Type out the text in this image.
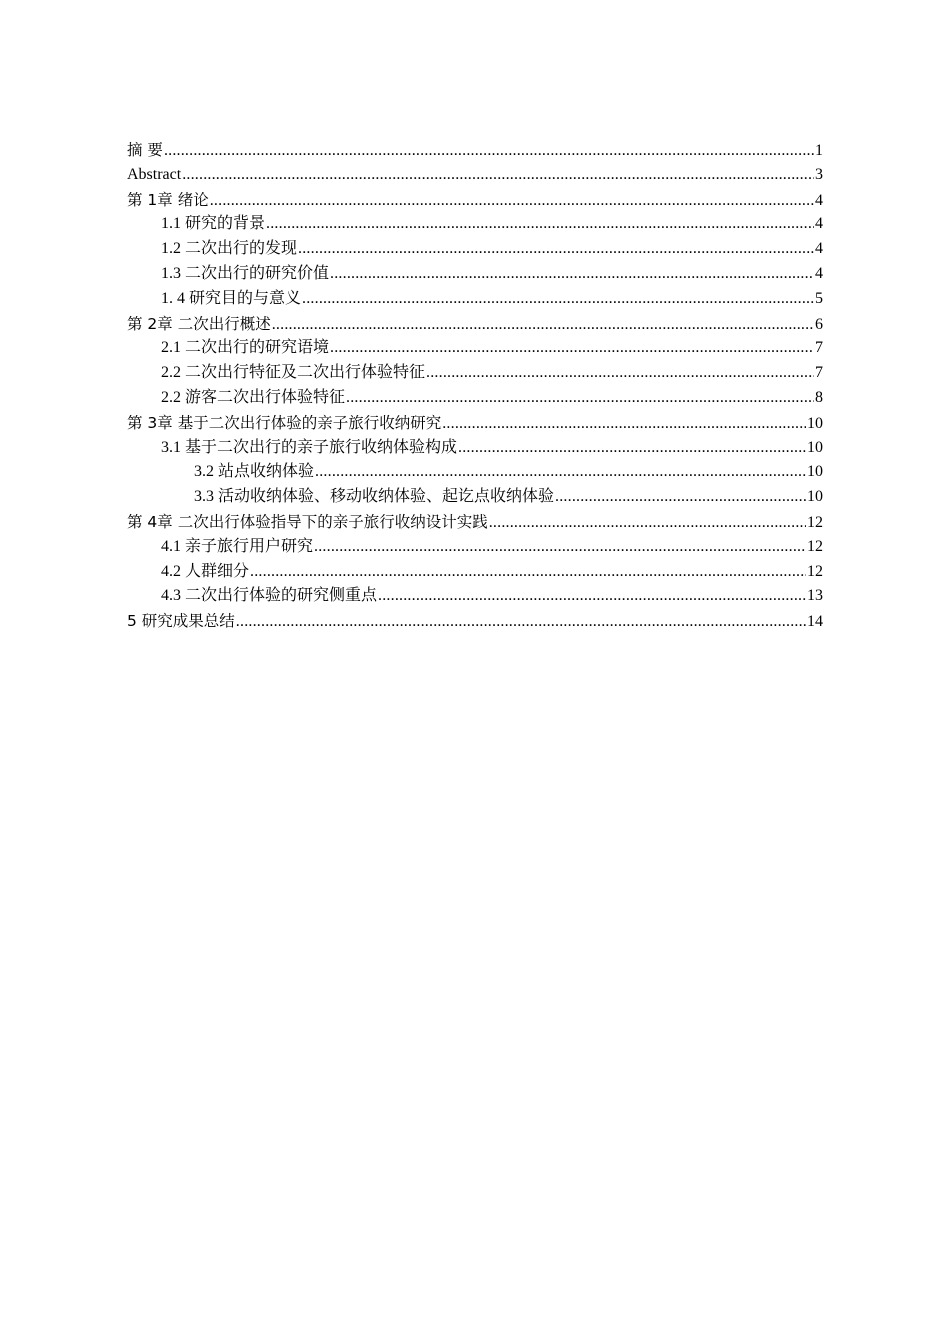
摘 要 .....	1
Abstract .....	3
第 1章 绪论 .....	4
1.1 研究的背景 .....	4
1.2 二次出行的发现 .....	4
1.3 二次出行的研究价值 .....	4
1. 4 研究目的与意义 .....	5
第 2章 二次出行概述 .....	6
2.1 二次出行的研究语境 .....	7
2.2 二次出行特征及二次出行体验特征 .....	7
2.2 游客二次出行体验特征 .....	8
第 3章 基于二次出行体验的亲子旅行收纳研究 .....	10
3.1 基于二次出行的亲子旅行收纳体验构成 .....	10
3.2 站点收纳体验 .....	10
3.3 活动收纳体验、移动收纳体验、起讫点收纳体验 .....	10
第 4章 二次出行体验指导下的亲子旅行收纳设计实践 .....	12
4.1 亲子旅行用户研究 .....	12
4.2 人群细分 .....	12
4.3 二次出行体验的研究侧重点 .....	13
5 研究成果总结 .....	14
